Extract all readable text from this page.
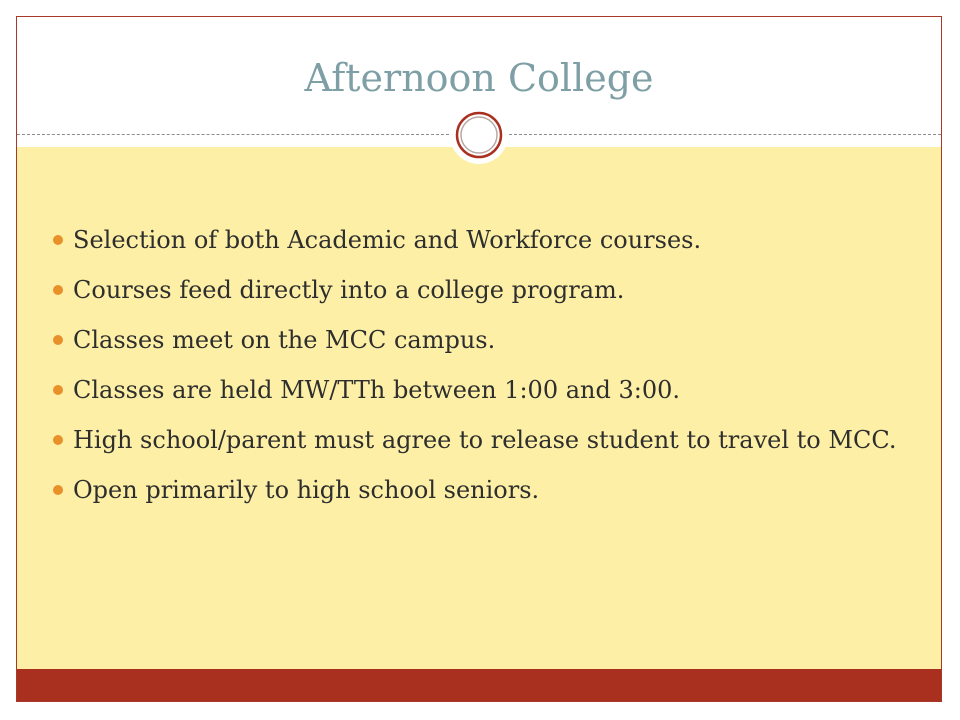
Afternoon College
Selection of both Academic and Workforce courses.
Courses feed directly into a college program.
Classes meet on the MCC campus.
Classes are held MW/TTh between 1:00 and 3:00.
High school/parent must agree to release student to travel to MCC.
Open primarily to high school seniors.
